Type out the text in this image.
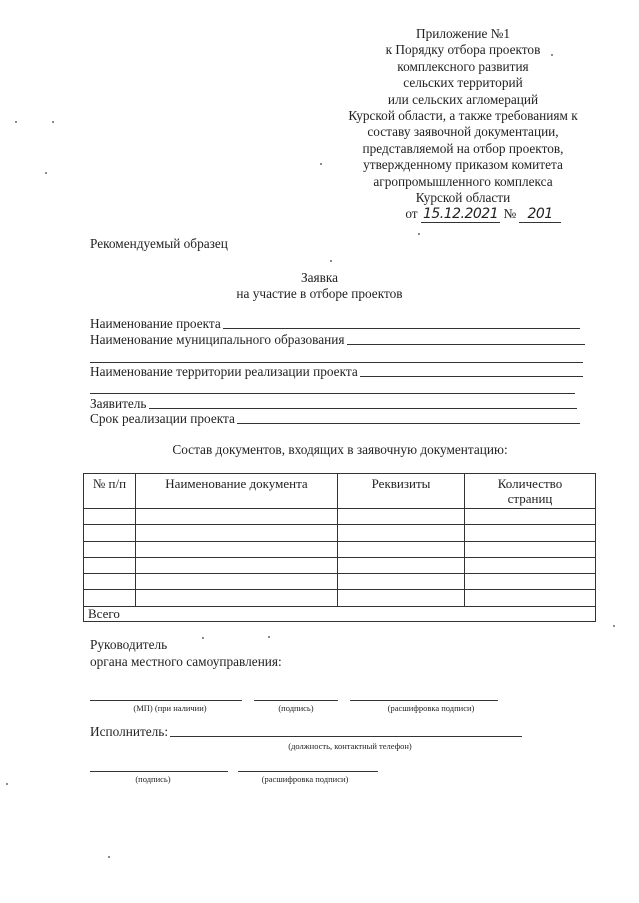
Приложение №1
к Порядку отбора проектов
комплексного развития
сельских территорий
или сельских агломераций
Курской области, а также требованиям к
составу заявочной документации,
представляемой на отбор проектов,
утвержденному приказом комитета
агропромышленного комплекса
Курской области
от 15.12.2021 № 201
Рекомендуемый образец
Заявка
на участие в отборе проектов
Наименование проекта
Наименование муниципального образования
Наименование территории реализации проекта
Заявитель
Срок реализации проекта
Состав документов, входящих в заявочную документацию:
№ п/п	Наименование документа	Реквизиты	Количество страниц

Всего			
Руководитель
органа местного самоуправления:
(МП) (при наличии)	(подпись)	(расшифровка подписи)
Исполнитель:
(должность, контактный телефон)
(подпись)	(расшифровка подписи)
